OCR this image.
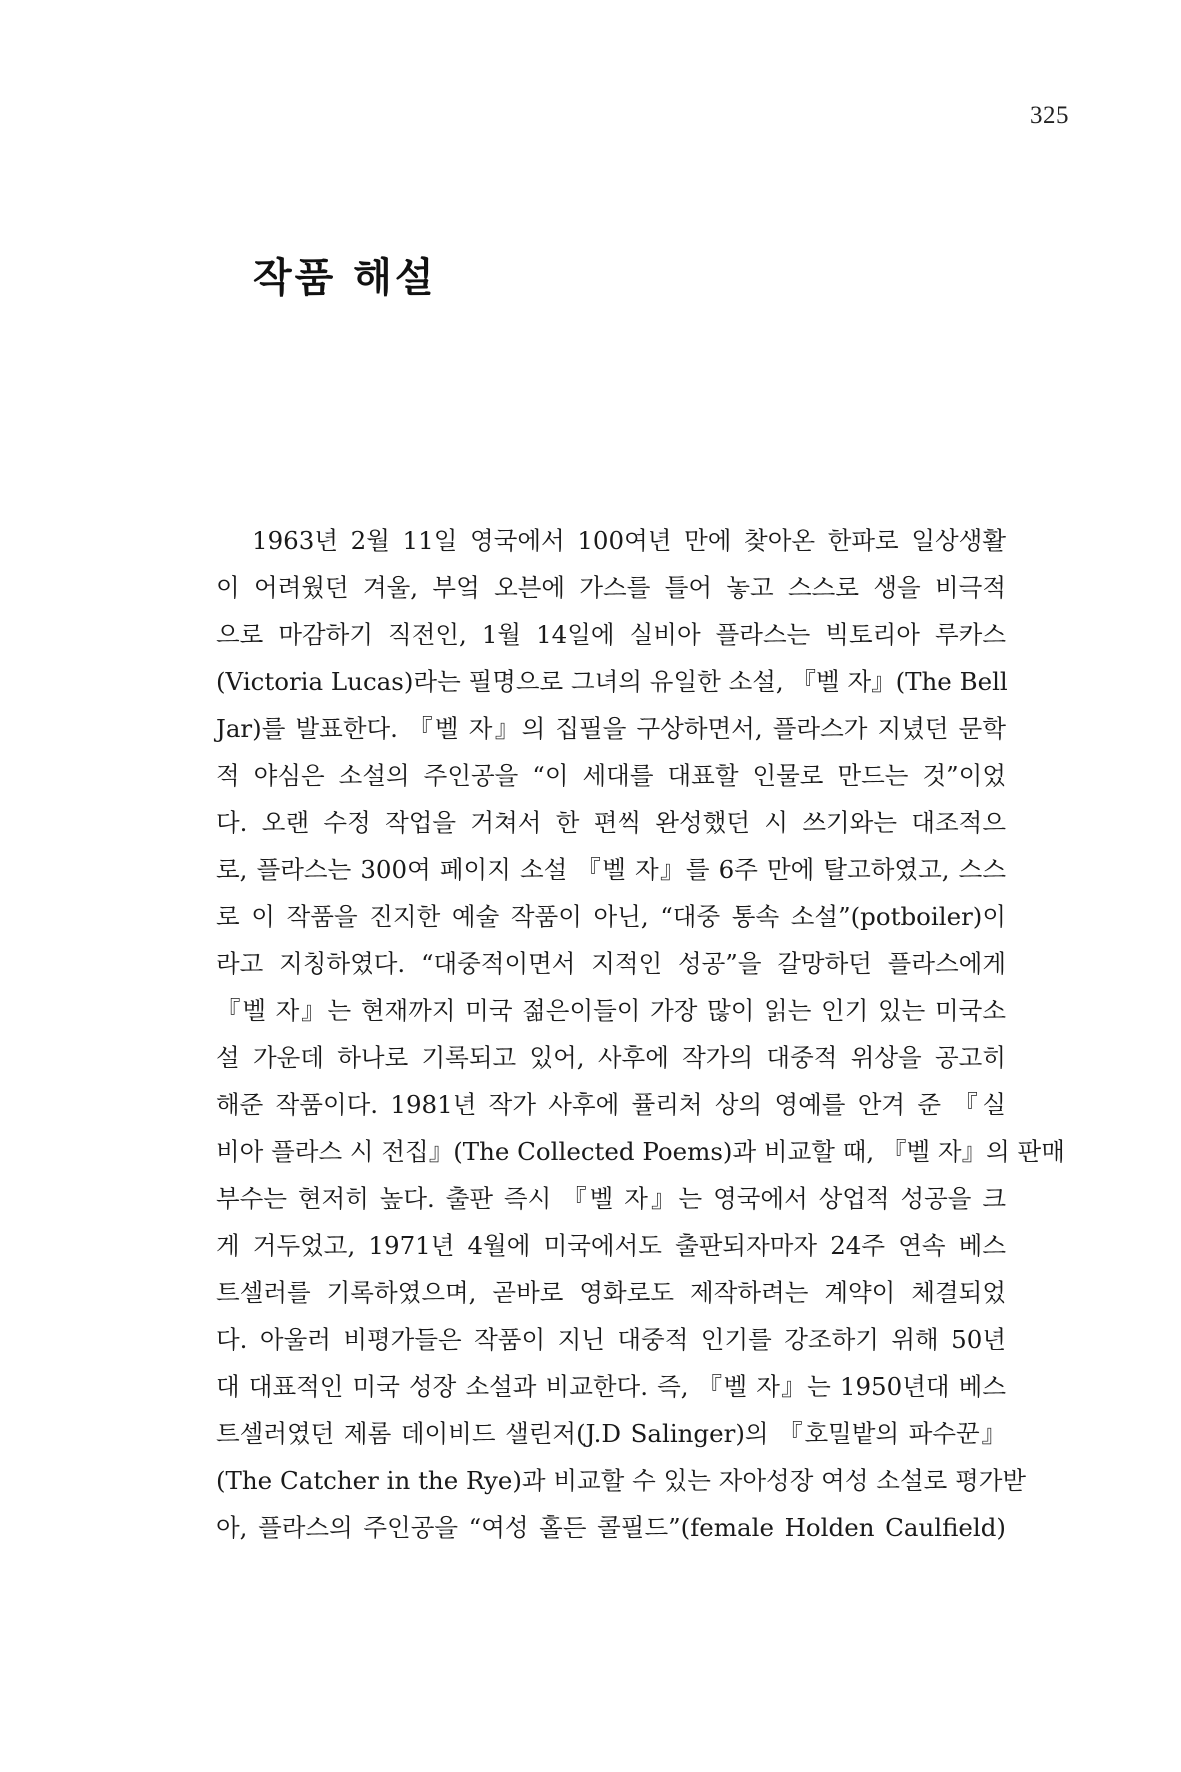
325
작품 해설
1963년 2월 11일 영국에서 100여년 만에 찾아온 한파로 일상생활
이 어려웠던 겨울, 부엌 오븐에 가스를 틀어 놓고 스스로 생을 비극적
으로 마감하기 직전인, 1월 14일에 실비아 플라스는 빅토리아 루카스
(Victoria Lucas)라는 필명으로 그녀의 유일한 소설, 『벨 자』(The Bell
Jar)를 발표한다. 『벨 자』의 집필을 구상하면서, 플라스가 지녔던 문학
적 야심은 소설의 주인공을 “이 세대를 대표할 인물로 만드는 것”이었
다. 오랜 수정 작업을 거쳐서 한 편씩 완성했던 시 쓰기와는 대조적으
로, 플라스는 300여 페이지 소설 『벨 자』를 6주 만에 탈고하였고, 스스
로 이 작품을 진지한 예술 작품이 아닌, “대중 통속 소설”(potboiler)이
라고 지칭하였다. “대중적이면서 지적인 성공”을 갈망하던 플라스에게
『벨 자』는 현재까지 미국 젊은이들이 가장 많이 읽는 인기 있는 미국소
설 가운데 하나로 기록되고 있어, 사후에 작가의 대중적 위상을 공고히
해준 작품이다. 1981년 작가 사후에 퓰리처 상의 영예를 안겨 준 『실
비아 플라스 시 전집』(The Collected Poems)과 비교할 때, 『벨 자』의 판매
부수는 현저히 높다. 출판 즉시 『벨 자』는 영국에서 상업적 성공을 크
게 거두었고, 1971년 4월에 미국에서도 출판되자마자 24주 연속 베스
트셀러를 기록하였으며, 곧바로 영화로도 제작하려는 계약이 체결되었
다. 아울러 비평가들은 작품이 지닌 대중적 인기를 강조하기 위해 50년
대 대표적인 미국 성장 소설과 비교한다. 즉, 『벨 자』는 1950년대 베스
트셀러였던 제롬 데이비드 샐린저(J.D Salinger)의 『호밀밭의 파수꾼』
(The Catcher in the Rye)과 비교할 수 있는 자아성장 여성 소설로 평가받
아, 플라스의 주인공을 “여성 홀든 콜필드”(female Holden Caulfield)
